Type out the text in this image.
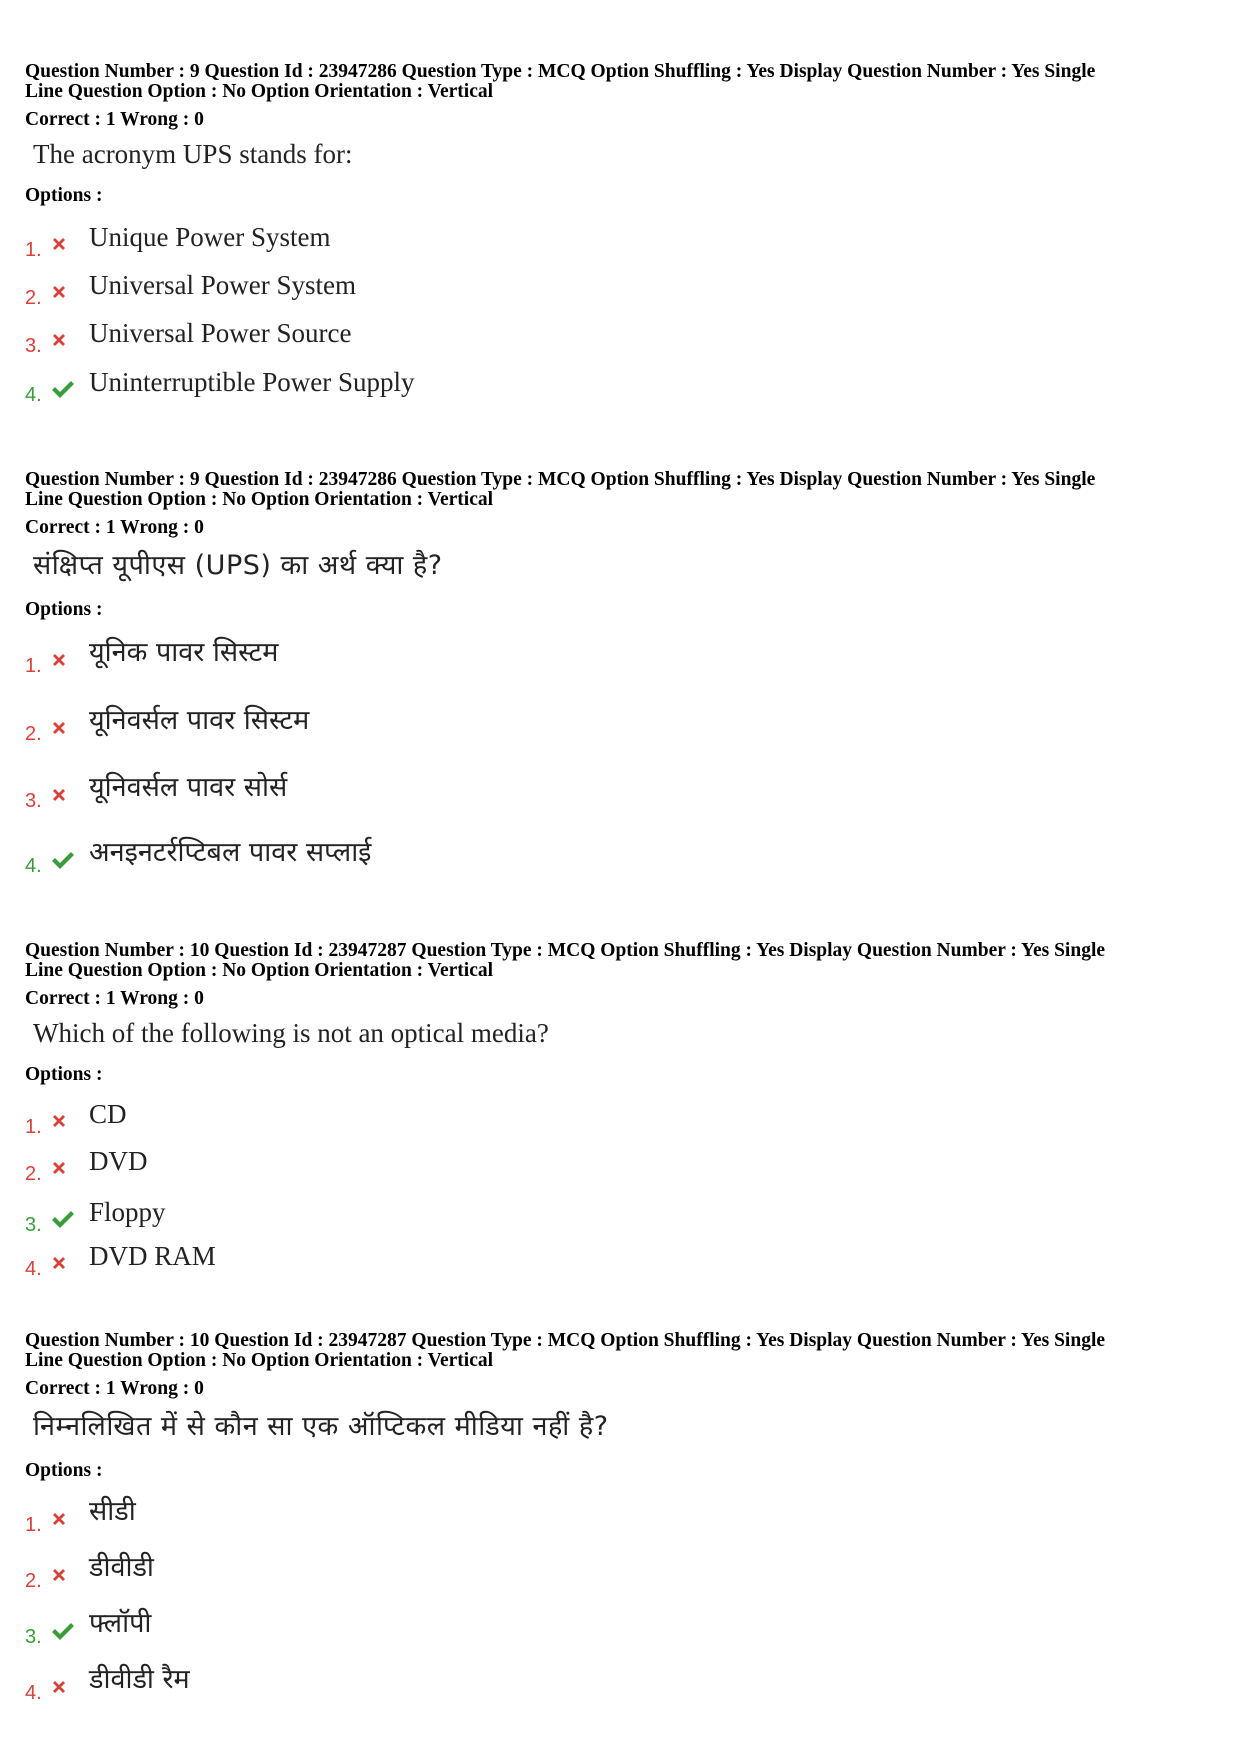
Question Number : 9 Question Id : 23947286 Question Type : MCQ Option Shuffling : Yes Display Question Number : Yes Single

Line Question Option : No Option Orientation : Vertical

Correct : 1 Wrong : 0
The acronym UPS stands for:
Options :
1. Unique Power System
2. Universal Power System
3. Universal Power Source
4. Uninterruptible Power Supply

Question Number : 9 Question Id : 23947286 Question Type : MCQ Option Shuffling : Yes Display Question Number : Yes Single

Line Question Option : No Option Orientation : Vertical

Correct : 1 Wrong : 0
संक्षिप्त यूपीएस (UPS) का अर्थ क्या है?
Options :
1. यूनिक पावर सिस्टम
2. यूनिवर्सल पावर सिस्टम
3. यूनिवर्सल पावर सोर्स
4. अनइनटर्रप्टिबल पावर सप्लाई

Question Number : 10 Question Id : 23947287 Question Type : MCQ Option Shuffling : Yes Display Question Number : Yes Single

Line Question Option : No Option Orientation : Vertical

Correct : 1 Wrong : 0
Which of the following is not an optical media?
Options :
1. CD
2. DVD
3. Floppy
4. DVD RAM

Question Number : 10 Question Id : 23947287 Question Type : MCQ Option Shuffling : Yes Display Question Number : Yes Single

Line Question Option : No Option Orientation : Vertical

Correct : 1 Wrong : 0
निम्नलिखित में से कौन सा एक ऑप्टिकल मीडिया नहीं है?
Options :
1. सीडी
2. डीवीडी
3. फ्लॉपी
4. डीवीडी रैम
